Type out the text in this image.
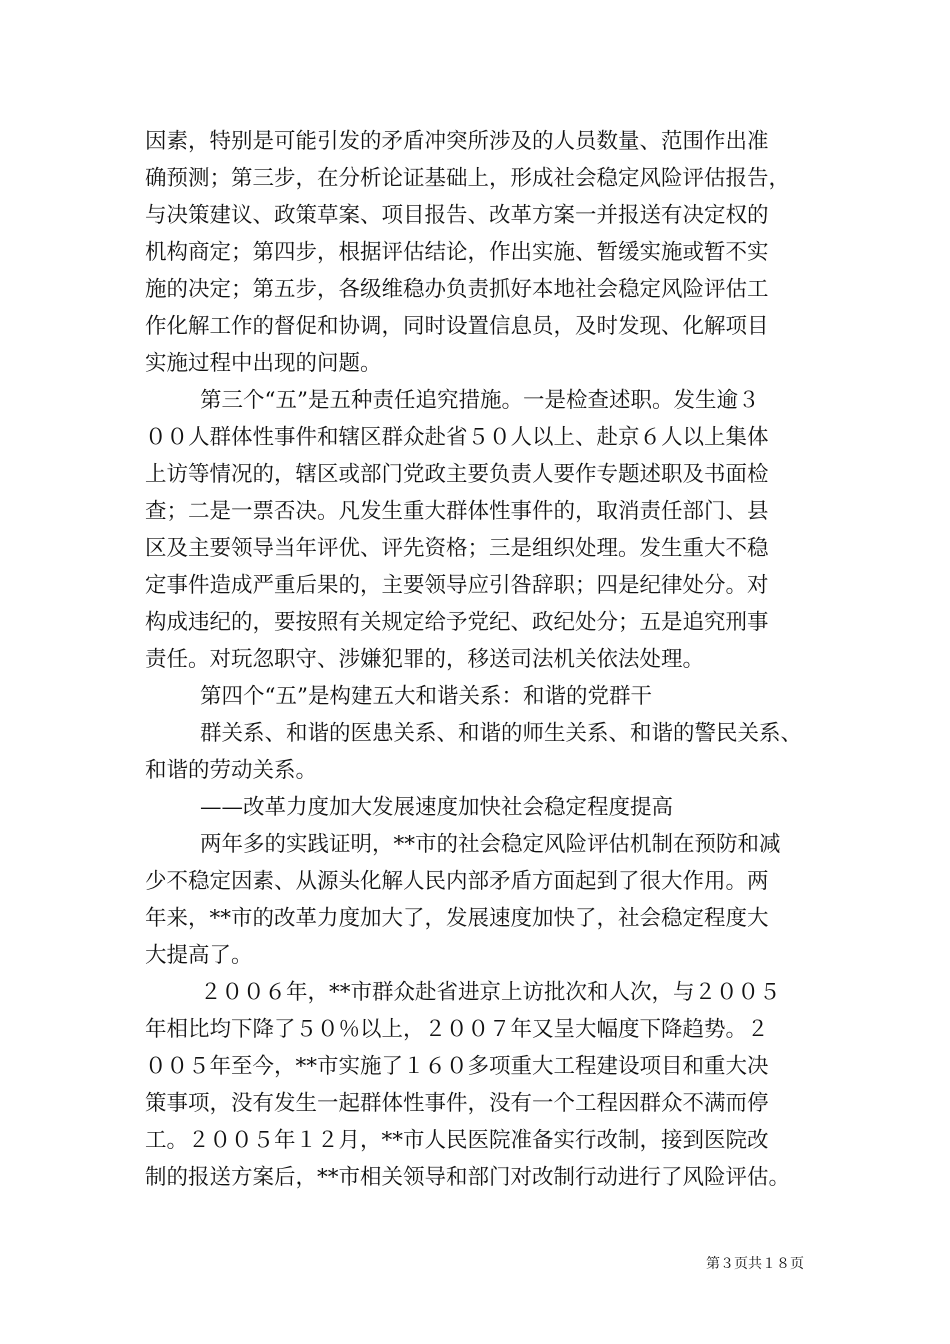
因素，特别是可能引发的矛盾冲突所涉及的人员数量、范围作出准
确预测；第三步，在分析论证基础上，形成社会稳定风险评估报告，
与决策建议、政策草案、项目报告、改革方案一并报送有决定权的
机构商定；第四步，根据评估结论，作出实施、暂缓实施或暂不实
施的决定；第五步，各级维稳办负责抓好本地社会稳定风险评估工
作化解工作的督促和协调，同时设置信息员，及时发现、化解项目
实施过程中出现的问题。
第三个“五”是五种责任追究措施。一是检查述职。发生逾３
００人群体性事件和辖区群众赴省５０人以上、赴京６人以上集体
上访等情况的，辖区或部门党政主要负责人要作专题述职及书面检
查；二是一票否决。凡发生重大群体性事件的，取消责任部门、县
区及主要领导当年评优、评先资格；三是组织处理。发生重大不稳
定事件造成严重后果的，主要领导应引咎辞职；四是纪律处分。对
构成违纪的，要按照有关规定给予党纪、政纪处分；五是追究刑事
责任。对玩忽职守、涉嫌犯罪的，移送司法机关依法处理。
第四个“五”是构建五大和谐关系：和谐的党群干
群关系、和谐的医患关系、和谐的师生关系、和谐的警民关系、
和谐的劳动关系。
——改革力度加大发展速度加快社会稳定程度提高
两年多的实践证明，**市的社会稳定风险评估机制在预防和减
少不稳定因素、从源头化解人民内部矛盾方面起到了很大作用。两
年来，**市的改革力度加大了，发展速度加快了，社会稳定程度大
大提高了。
２００６年，**市群众赴省进京上访批次和人次，与２００５
年相比均下降了５０％以上，２００７年又呈大幅度下降趋势。２
００５年至今，**市实施了１６０多项重大工程建设项目和重大决
策事项，没有发生一起群体性事件，没有一个工程因群众不满而停
工。２００５年１２月，**市人民医院准备实行改制，接到医院改
制的报送方案后，**市相关领导和部门对改制行动进行了风险评估。
第３页共１８页
